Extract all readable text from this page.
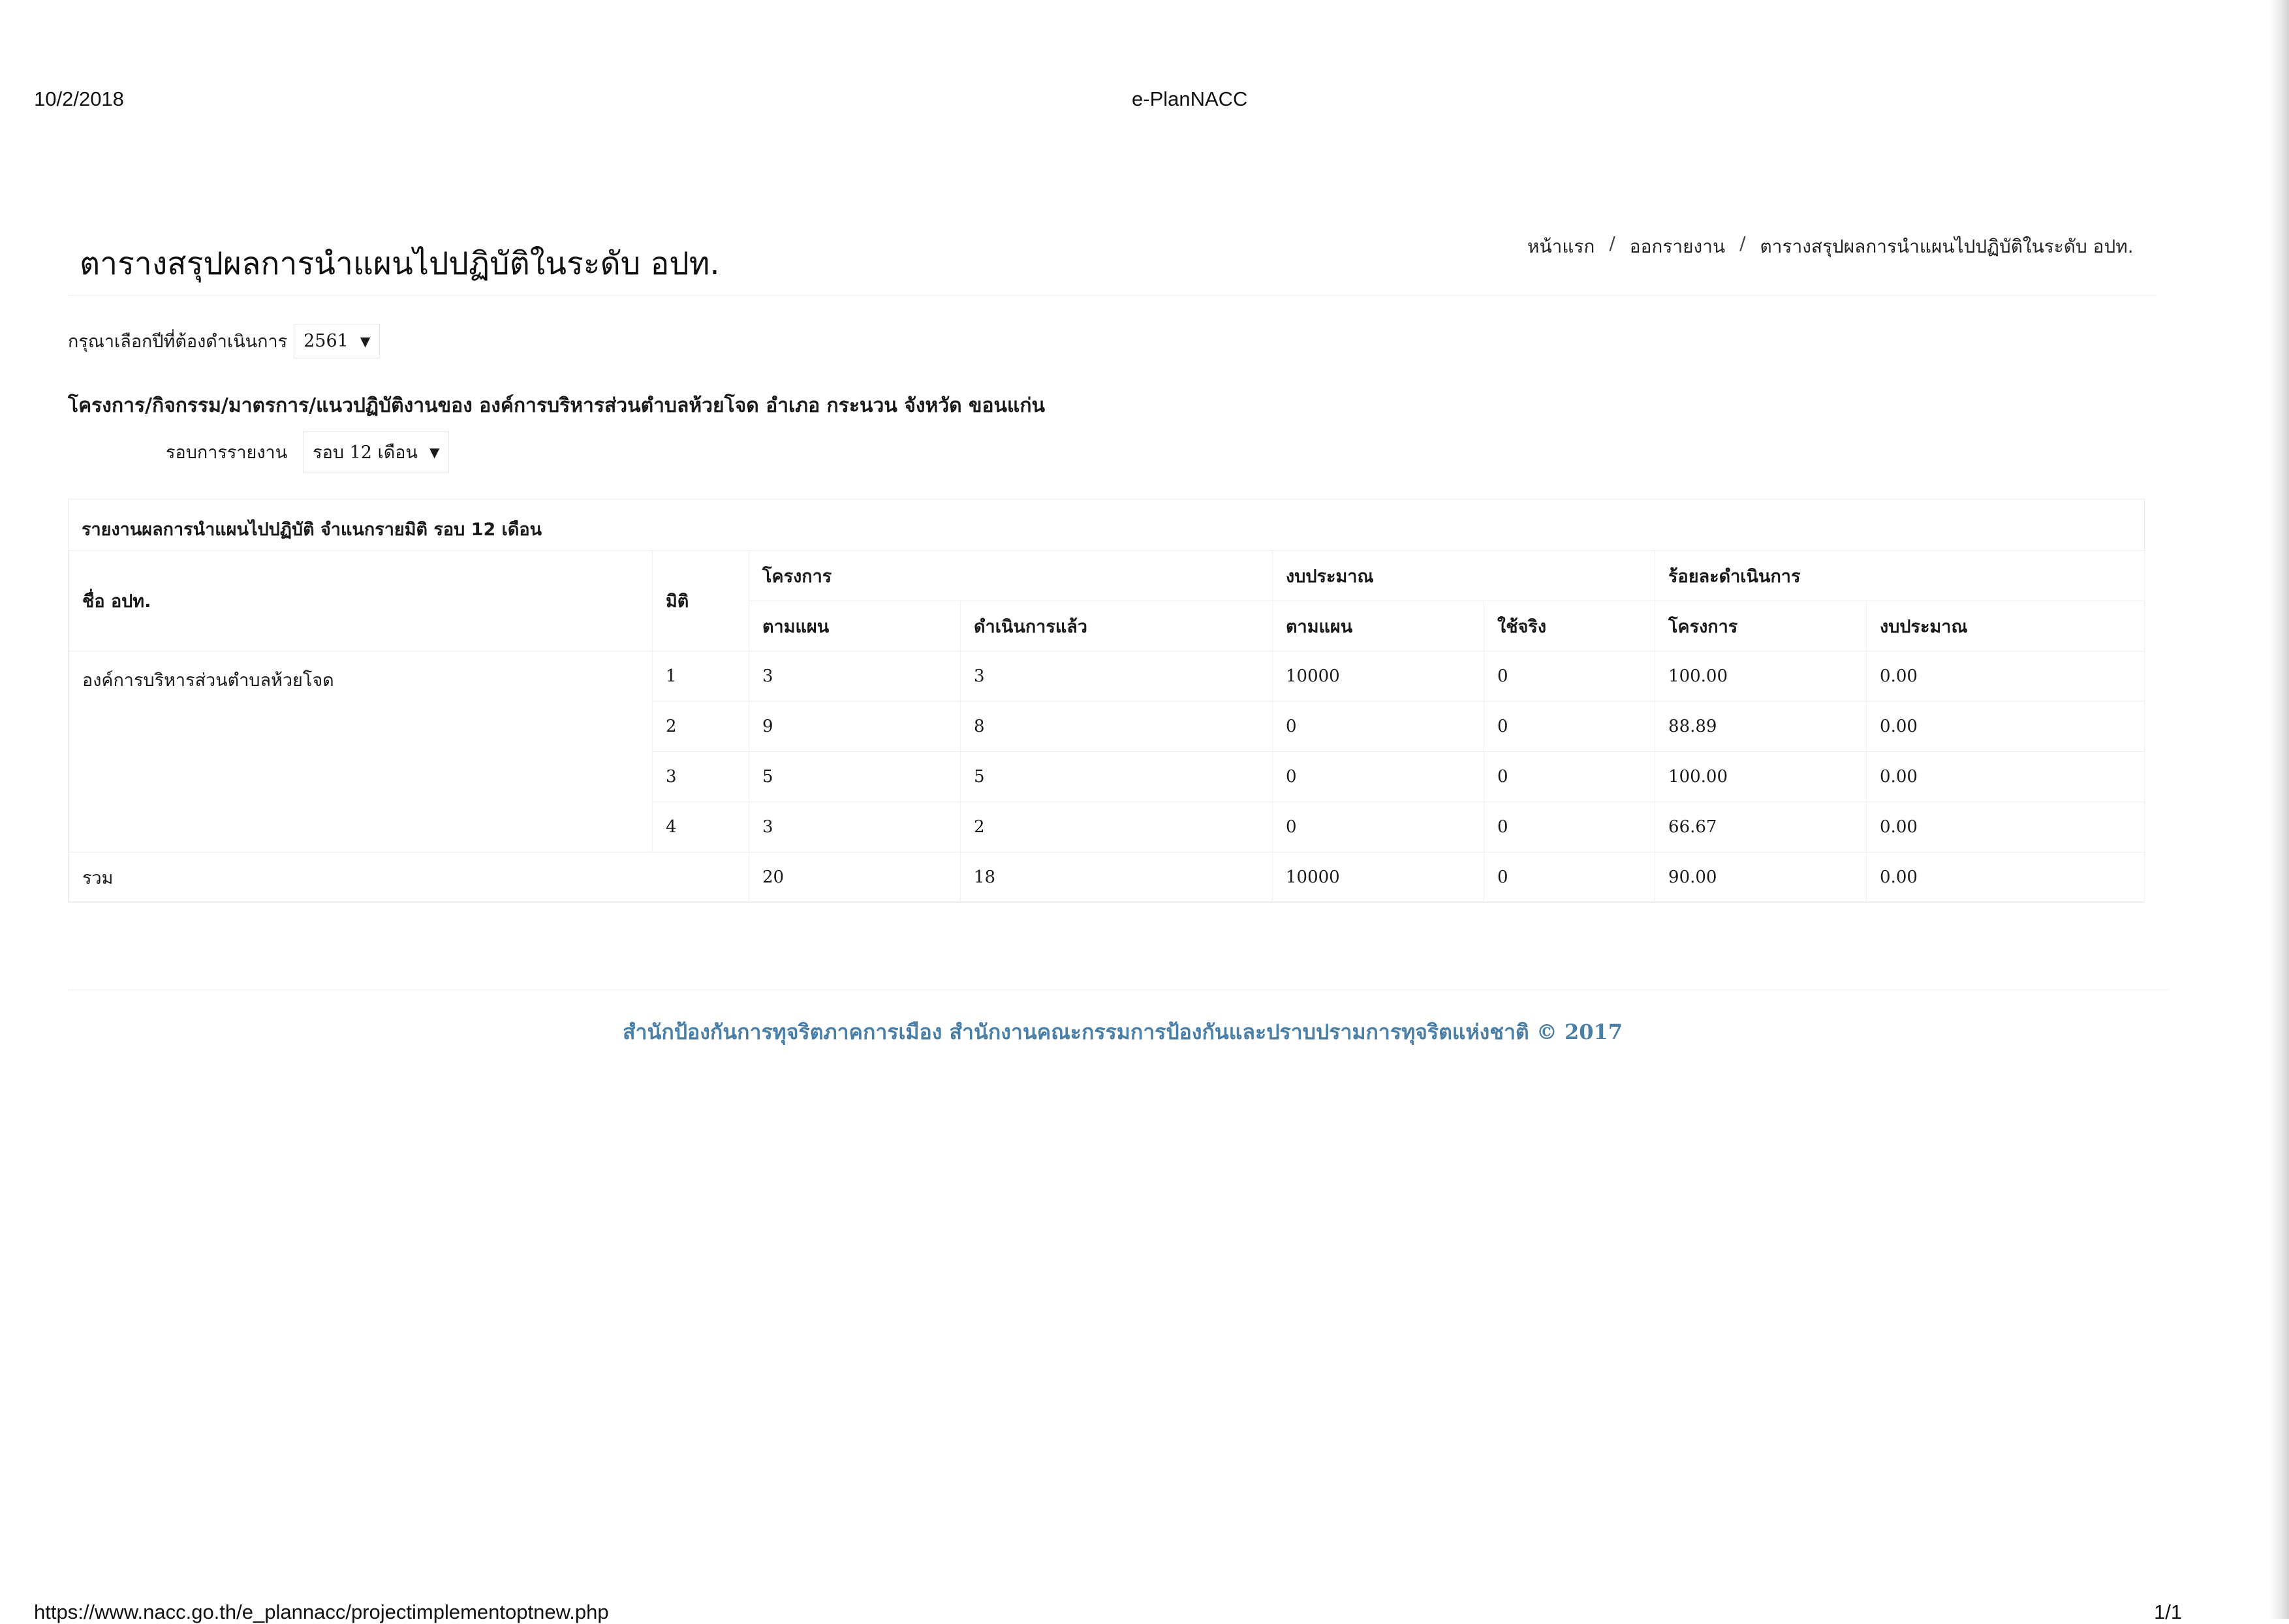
10/2/2018	e-PlanNACC
ตารางสรุปผลการนำแผนไปปฏิบัติในระดับ อปท.	หน้าแรก / ออกรายงาน / ตารางสรุปผลการนำแผนไปปฏิบัติในระดับ อปท.
กรุณาเลือกปีที่ต้องดำเนินการ 2561 ▼
โครงการ/กิจกรรม/มาตรการ/แนวปฏิบัติงานของ องค์การบริหารส่วนตำบลห้วยโจด อำเภอ กระนวน จังหวัด ขอนแก่น
รอบการรายงาน รอบ 12 เดือน ▼
รายงานผลการนำแผนไปปฏิบัติ จำแนกรายมิติ รอบ 12 เดือน
ชื่อ อปท.	มิติ	โครงการ		งบประมาณ		ร้อยละดำเนินการ	
		ตามแผน	ดำเนินการแล้ว	ตามแผน	ใช้จริง	โครงการ	งบประมาณ
องค์การบริหารส่วนตำบลห้วยโจด	1	3	3	10000	0	100.00	0.00
	2	9	8	0	0	88.89	0.00
	3	5	5	0	0	100.00	0.00
	4	3	2	0	0	66.67	0.00
รวม		20	18	10000	0	90.00	0.00
สำนักป้องกันการทุจริตภาคการเมือง สำนักงานคณะกรรมการป้องกันและปราบปรามการทุจริตแห่งชาติ © 2017
https://www.nacc.go.th/e_plannacc/projectimplementoptnew.php	1/1
